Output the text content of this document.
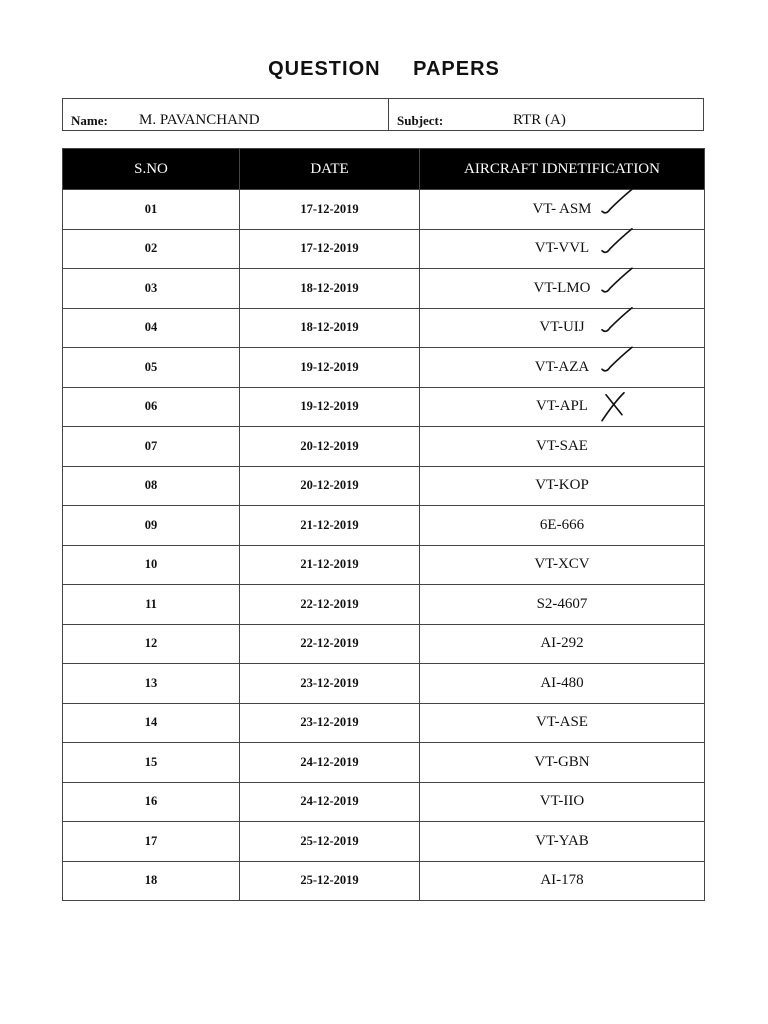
QUESTION PAPERS
Name: M. PAVANCHAND	Subject:	RTR (A)
S.NO	DATE	AIRCRAFT IDNETIFICATION
01	17-12-2019	VT- ASM
02	17-12-2019	VT-VVL
03	18-12-2019	VT-LMO
04	18-12-2019	VT-UIJ
05	19-12-2019	VT-AZA
06	19-12-2019	VT-APL
07	20-12-2019	VT-SAE
08	20-12-2019	VT-KOP
09	21-12-2019	6E-666
10	21-12-2019	VT-XCV
11	22-12-2019	S2-4607
12	22-12-2019	AI-292
13	23-12-2019	AI-480
14	23-12-2019	VT-ASE
15	24-12-2019	VT-GBN
16	24-12-2019	VT-IIO
17	25-12-2019	VT-YAB
18	25-12-2019	AI-178
